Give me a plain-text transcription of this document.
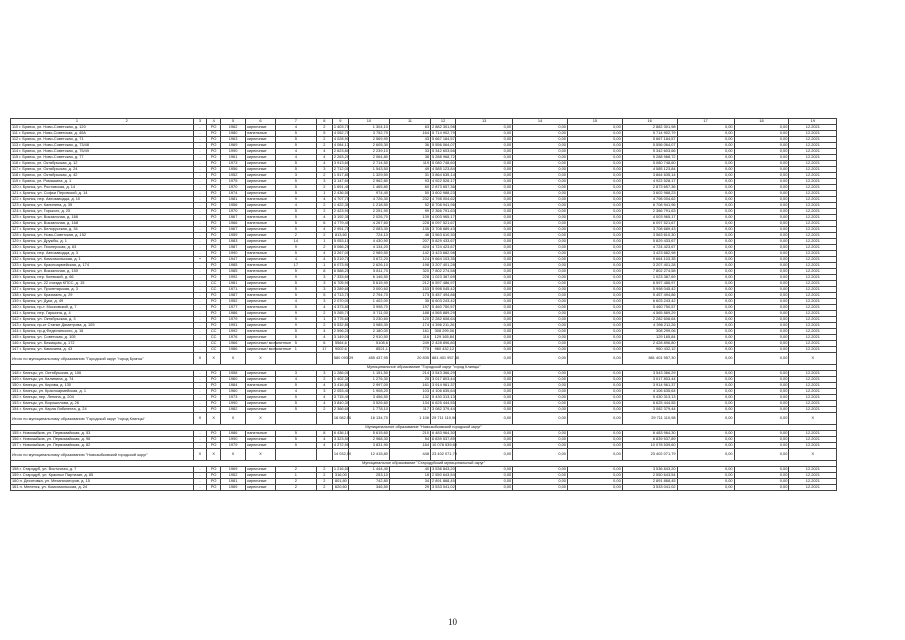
1 2	3	4	5	6	7	8	9	10	11	12	13	14	15	16	17	18	19
110 г. Брянск, ул. Ново-Советская, д. 120	-	РО	1962	кирпичные	4	2	1 403,70	1 304,10	63	2 882 301,98	0,00	0,00	0,00	2 882 301,98	0,00	0,00	12.2021
111 г. Брянск, ул. Ново-Советская, д. 40А	-	РО	1980	панельные	5	5	4 052,70	3 752,70	164	5 714 902,79	0,00	0,00	0,00	5 714 902,79	0,00	0,00	12.2021
112 г. Брянск, ул. Ново-Советская, д. 71	-	РО	1963	кирпичные	5	2	4 028,90	2 569,90	43	5 667 184,57	0,00	0,00	0,00	5 667 184,57	0,00	0,00	12.2021
113 г. Брянск, ул. Ново-Советская, д. 73/48	-	РО	1969	кирпичные	5	2	4 084,13	2 605,30	36	5 556 064,07	0,00	0,00	0,00	5 556 064,07	0,00	0,00	12.2021
114 г. Брянск, ул. Ново-Советская, д. 75/49	-	РО	1990	кирпичные	4	4	2 623,60	2 239,10	33	5 342 603,66	0,00	0,00	0,00	5 342 603,66	0,00	0,00	12.2021
115 г. Брянск, ул. Ново-Советская, д. 77	-	РО	1961	кирпичные	4	4	2 263,20	2 064,80	38	5 288 968,72	0,00	0,00	0,00	5 288 968,72	0,00	0,00	12.2021
116 г. Брянск, ул. Октябрьская, д. 12	-	РО	1973	кирпичные	5	4	3 913,60	2 714,50	119	5 080 748,60	0,00	0,00	0,00	5 080 748,60	0,00	0,00	12.2021
117 г. Брянск, ул. Октябрьская, д. 24	-	РО	1956	кирпичные	5	3	2 712,00	1 543,50	49	4 585 123,84	0,00	0,00	0,00	4 585 123,84	0,00	0,00	12.2021
118 г. Брянск, ул. Октябрьская, д. 42	-	РО	1952	кирпичные	3	2	1 517,80	1 329,50	31	3 864 635,14	0,00	0,00	0,00	3 864 635,14	0,00	0,00	12.2021
119 г. Брянск, ул. Ромашина, д. 1	-	РО	1975	кирпичные	5	3	3 147,60	2 962,80	93	4 922 528,17	0,00	0,00	0,00	4 922 528,17	0,00	0,00	12.2021
120 г. Брянск, ул. Ростовская, д. 14	-	РО	1970	кирпичные	5	2	1 691,40	1 465,80	60	2 873 657,36	0,00	0,00	0,00	2 873 657,36	0,00	0,00	12.2021
121 г. Брянск, ул. Софьи Перовской, д. 14	-	РО	1974	кирпичные	5	1	2 436,50	974,40	50	3 602 988,23	0,00	0,00	0,00	3 602 988,23	0,00	0,00	12.2021
122 г. Брянск, пер. Автозаводца, д. 10	-	РО	1981	панельные	9	4	4 707,70	4 726,30	232	4 798 004,62	0,00	0,00	0,00	4 798 004,62	0,00	0,00	12.2021
123 г. Брянск, ул. Калинина, д. 35	-	РО	1956	кирпичные	4	2	1 422,30	1 218,50	52	8 708 941,96	0,00	0,00	0,00	8 708 941,96	0,00	0,00	12.2021
124 г. Брянск, ул. Горького, д. 25	-	РО	1970	кирпичные	5	2	2 423,90	2 251,90	99	2 366 791,63	0,00	0,00	0,00	2 366 791,63	0,00	0,00	12.2021
125 г. Брянск, ул. Вокзальная, д. 166	-	РО	1967	панельные	5	4	3 192,30	2 026,70	139	4 003 965,17	0,00	0,00	0,00	4 003 965,17	0,00	0,00	12.2021
126 г. Брянск, ул. Вокзальная, д. 168	-	РО	1966	панельные	5	6	4 779,40	4 267,60	228	6 097 521,67	0,00	0,00	0,00	6 097 521,67	0,00	0,00	12.2021
127 г. Брянск, ул. Белорусская, д. 34	-	РО	1967	кирпичные	5	4	2 951,70	2 083,30	136	3 708 689,43	0,00	0,00	0,00	3 708 689,43	0,00	0,00	12.2021
128 г. Брянск, ул. Ново-Советская, д. 152	-	РО	1959	кирпичные	2	2	813,60	724,10	46	3 563 610,30	0,00	0,00	0,00	3 563 610,30	0,00	0,00	12.2021
129 г. Брянск, ул. Дружбы, д. 1	-	РО	1983	кирпичные	14	1	5 053,10	4 430,90	207	5 829 433,67	0,00	0,00	0,00	5 829 433,67	0,00	0,00	12.2021
130 г. Брянск, ул. Пионерская, д. 63	-	РО	1987	кирпичные	9	2	5 066,20	4 134,20	424	4 724 423,67	0,00	0,00	0,00	4 724 423,67	0,00	0,00	12.2021
131 г. Брянск, пер. Автозаводца, д. 3	-	РО	1990	панельные	5	4	3 267,00	2 989,50	142	3 423 682,98	0,00	0,00	0,00	3 423 682,98	0,00	0,00	12.2021
132 г. Брянск, ул. Комсомольская, д. 1	+	РО	1947	кирпичные	4	4	5 219,70	3 672,20	124	9 664 103,35	0,00	0,00	0,00	9 664 103,35	0,00	0,00	12.2021
133 г. Брянск, ул. Красноармейская, д. 174	-	РО	1985	панельные	17	1	6 073,90	2 626,10	198	3 207 401,28	0,00	0,00	0,00	3 207 401,28	0,00	0,00	12.2021
134 г. Брянск, ул. Вокзальная, д. 150	-	РО	1985	панельные	5	8	6 588,20	5 811,70	320	7 802 274,58	0,00	0,00	0,00	7 802 274,58	0,00	0,00	12.2021
135 г. Брянск, пер. Киевский, д. 66	-	РО	1992	кирпичные	9	3	7 333,60	6 146,50	228	1 023 387,69	0,00	0,00	0,00	1 023 387,69	0,00	0,00	12.2021
136 г. Брянск, ул. 22 съезда КПСС, д. 15	-	СС	1981	кирпичные	5	3	6 705,90	5 615,90	212	6 597 486,97	0,00	0,00	0,00	6 597 486,97	0,00	0,00	12.2021
137 г. Брянск, ул. Пролетарская, д. 3	-	СС	1971	кирпичные	5	3	3 289,60	3 000,60	153	5 998 045,42	0,00	0,00	0,00	5 998 045,42	0,00	0,00	12.2021
138 г. Брянск, ул. Крахмаля, д. 29	-	РО	1987	панельные	5	5	4 713,70	2 794,70	173	5 457 494,86	0,00	0,00	0,00	5 457 494,86	0,00	0,00	12.2021
139 г. Брянск, ул. Дуки, д. 49	-	РО	1952	кирпичные	4	3	2 070,00	1 402,00	35	6 603 243,42	0,00	0,00	0,00	6 603 243,42	0,00	0,00	12.2021
140 г. Брянск, пр-т. Московский, д. 7	-	РО	1977	панельные	5	4	4 373,80	3 998,70	197	5 460 750,57	0,00	0,00	0,00	5 460 750,57	0,00	0,00	12.2021
141 г. Брянск, пер. Гаршина, д. 4	-	РО	1986	кирпичные	9	2	5 265,70	5 711,00	188	4 565 889,29	0,00	0,00	0,00	4 565 889,29	0,00	0,00	12.2021
142 г. Брянск, ул. Октябрьская, д. 3	-	РО	1979	кирпичные	9	1	3 775,60	3 230,60	120	2 282 608,64	0,00	0,00	0,00	2 282 608,64	0,00	0,00	12.2021
143 г. Брянск, пр-кт Станке Димитрова, д. 105	-	РО	1991	кирпичные	9	2	5 532,80	3 985,30	174	4 396 211,26	0,00	0,00	0,00	4 396 211,26	0,00	0,00	12.2021
144 г. Брянск, пр-д Федюнинского, д. 16	-	СС	1992	панельные	5	4	2 596,20	2 180,00	161	308 299,06	0,00	0,00	0,00	308 299,06	0,00	0,00	12.2021
145 г. Брянск, ул. Советская, д. 105	-	СС	1976	кирпичные	5	4	3 149,00	2 910,50	116	129 165,84	0,00	0,00	0,00	129 165,84	0,00	0,00	12.2021
146 г. Брянск, ул. Бежицкая, д. 172	-	СС	1966	кирпичные/ монолитные	5	6	5564,6	5108,6	249	2 428 896,80	0,00	0,00	0,00	2 428 896,80	0,00	0,00	12.2021
147 г. Брянск, ул. Камозина, д. 43	-	СС	1986	кирпичные/ монолитные	1	17	9002,6	8521,1	775	960 432,12	0,00	0,00	0,00	960 432,12	0,00	0,00	12.2021
Итого по муниципальному образованию "Городской округ "город Брянск"	X	X	X	X			580 093,29	455 437,95	20 835	881 401 957,30	0,00	0,00	0,00	881 401 957,30	0,00	0,00	X
Муниципальное образование "Городской округ "город Клинцы"																	
148 г. Клинцы, ул. Октябрьская, д. 106	-	РО	1958	кирпичные	3	3	1 286,00	1 151,50	214	3 543 366,29	0,00	0,00	0,00	3 543 366,29	0,00	0,00	12.2021
149 г. Клинцы, ул. Калинина, д. 74	-	РО	1960	кирпичные	4	2	1 402,30	1 276,30	25	3 017 803,44	0,00	0,00	0,00	3 017 803,44	0,00	0,00	12.2021
150 г. Клинцы, ул. Кирова, д. 130	-	РО	1984	панельные	5	4	3 416,80	2 997,00	161	3 914 961,37	0,00	0,00	0,00	3 914 961,37	0,00	0,00	12.2021
151 г. Клинцы, ул. Красноармейская, д. 1	-	РО	1960	кирпичные	4	3	2 053,40	1 908,20	103	4 106 635,64	0,00	0,00	0,00	4 106 635,64	0,00	0,00	12.2021
152 г. Клинцы, пер. Ленина, д. 204	-	РО	1973	кирпичные	5	4	3 715,40	3 456,50	132	5 430 313,13	0,00	0,00	0,00	5 430 313,13	0,00	0,00	12.2021
153 г. Клинцы, ул. Ворошилова, д. 26	-	РО	1990	кирпичные	5	4	3 840,30	3 526,60	134	6 625 444,55	0,00	0,00	0,00	6 625 444,55	0,00	0,00	12.2021
154 г. Клинцы, ул. Карла Либкнехта, д. 24	-	РО	1982	кирпичные	5	2	2 366,60	1 778,10	117	3 082 379,44	0,00	0,00	0,00	3 082 379,44	0,00	0,00	12.2021
Итого по муниципальному образованию "Городской округ "город Клинцы"	X	X	X	X			18 082,50	16 134,70	1 106	29 711 110,98	0,00	0,00	0,00	29 711 110,98	0,00	0,00	X
Муниципальное образование "Новозыбковский городской округ"																	
155 г. Новозыбков, ул. Первомайская, д. 53	-	РО	1986	панельные	5	8	6 436,10	5 615,60	210	6 483 964,30	0,00	0,00	0,00	6 483 964,30	0,00	0,00	12.2021
156 г. Новозыбков, ул. Первомайская, д. 96	-	РО	1990	кирпичные	5	4	3 323,50	2 968,30	54	6 839 537,89	0,00	0,00	0,00	6 839 537,89	0,00	0,00	12.2021
157 г. Новозыбков, ул. Первомайская, д. 82	-	РО	1979	кирпичные	5	4	4 272,90	3 831,90	184	10 078 539,60	0,00	0,00	0,00	10 078 539,60	0,00	0,00	12.2021
Итого по муниципальному образованию "Новозыбковский городской округ"	X	X	X	X			14 032,50	12 415,80	448	23 402 071,79	0,00	0,00	0,00	23 402 071,79	0,00	0,00	X
Муниципальное образование "Стародубский муниципальный округ"																	
158 г. Стародуб, ул. Восточная, д. 7	-	РО	1969	кирпичные	2	2	1 216,50	1 444,40	40	3 536 843,20	0,00	0,00	0,00	3 536 843,20	0,00	0,00	12.2021
159 г. Стародуб, ул. Красных Партизан, д. 85	-	РО	1952	кирпичные	1	2	316,00	253,10	18	2 550 643,54	0,00	0,00	0,00	2 550 643,54	0,00	0,00	12.2021
160 п. Десятовка, ул. Механизаторов, д. 15	-	РО	1981	кирпичные	2	2	801,80	742,80	34	2 891 868,45	0,00	0,00	0,00	2 891 868,45	0,00	0,00	12.2021
161 п. Меленск, ул. Комсомольская, д. 24	-	РО	1969	кирпичные	2	2	620,60	346,50	29	3 533 041,02	0,00	0,00	0,00	3 533 041,02	0,00	0,00	12.2021
10
